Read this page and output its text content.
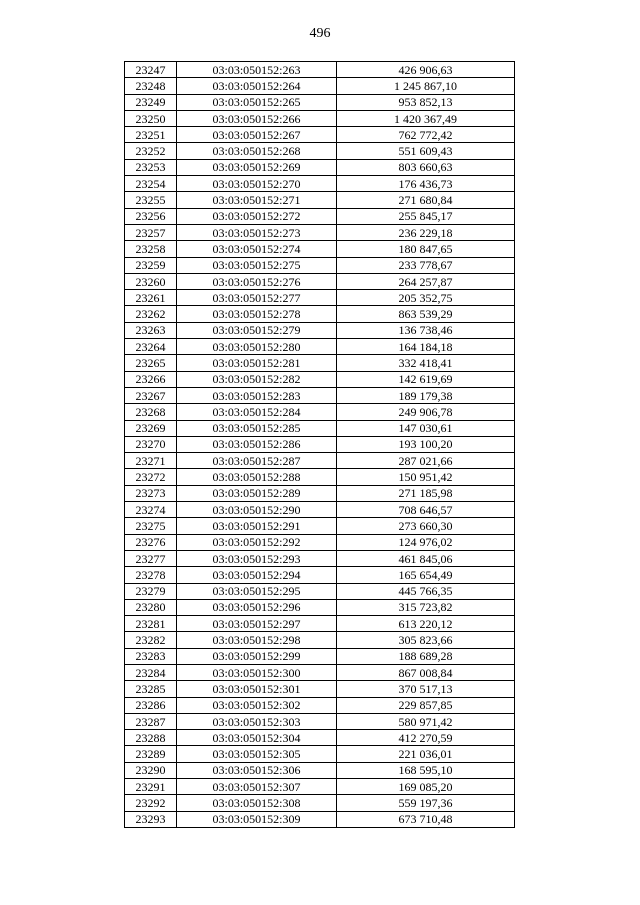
496
23247	03:03:050152:263	426 906,63
23248	03:03:050152:264	1 245 867,10
23249	03:03:050152:265	953 852,13
23250	03:03:050152:266	1 420 367,49
23251	03:03:050152:267	762 772,42
23252	03:03:050152:268	551 609,43
23253	03:03:050152:269	803 660,63
23254	03:03:050152:270	176 436,73
23255	03:03:050152:271	271 680,84
23256	03:03:050152:272	255 845,17
23257	03:03:050152:273	236 229,18
23258	03:03:050152:274	180 847,65
23259	03:03:050152:275	233 778,67
23260	03:03:050152:276	264 257,87
23261	03:03:050152:277	205 352,75
23262	03:03:050152:278	863 539,29
23263	03:03:050152:279	136 738,46
23264	03:03:050152:280	164 184,18
23265	03:03:050152:281	332 418,41
23266	03:03:050152:282	142 619,69
23267	03:03:050152:283	189 179,38
23268	03:03:050152:284	249 906,78
23269	03:03:050152:285	147 030,61
23270	03:03:050152:286	193 100,20
23271	03:03:050152:287	287 021,66
23272	03:03:050152:288	150 951,42
23273	03:03:050152:289	271 185,98
23274	03:03:050152:290	708 646,57
23275	03:03:050152:291	273 660,30
23276	03:03:050152:292	124 976,02
23277	03:03:050152:293	461 845,06
23278	03:03:050152:294	165 654,49
23279	03:03:050152:295	445 766,35
23280	03:03:050152:296	315 723,82
23281	03:03:050152:297	613 220,12
23282	03:03:050152:298	305 823,66
23283	03:03:050152:299	188 689,28
23284	03:03:050152:300	867 008,84
23285	03:03:050152:301	370 517,13
23286	03:03:050152:302	229 857,85
23287	03:03:050152:303	580 971,42
23288	03:03:050152:304	412 270,59
23289	03:03:050152:305	221 036,01
23290	03:03:050152:306	168 595,10
23291	03:03:050152:307	169 085,20
23292	03:03:050152:308	559 197,36
23293	03:03:050152:309	673 710,48
